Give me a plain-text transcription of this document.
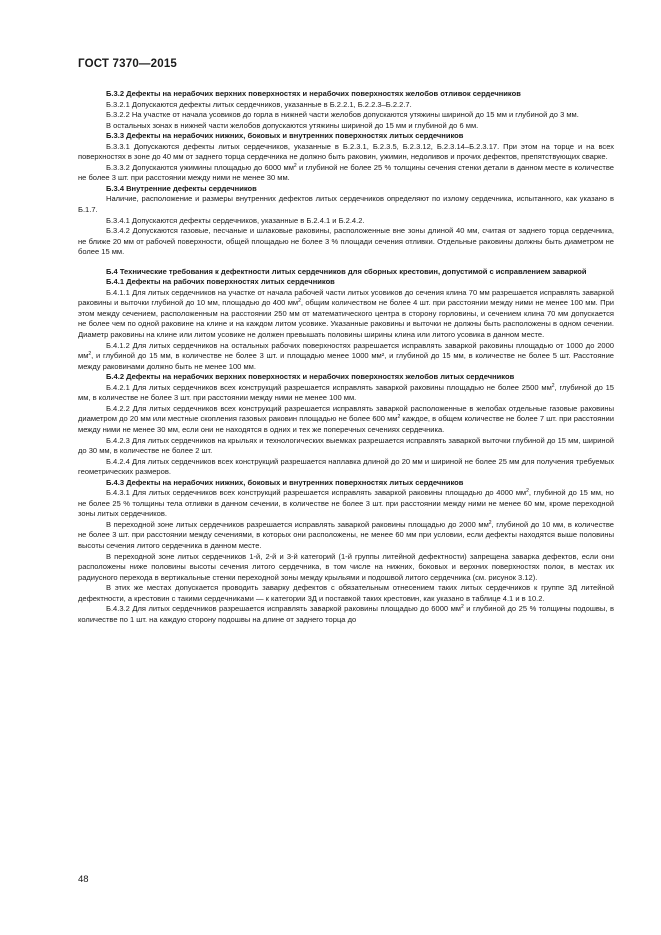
ГОСТ 7370—2015

Б.3.2 Дефекты на нерабочих верхних поверхностях и нерабочих поверхностях желобов отливок сердечников

Б.3.2.1 Допускаются дефекты литых сердечников, указанные в Б.2.2.1, Б.2.2.3–Б.2.2.7.

Б.3.2.2 На участке от начала усовиков до горла в нижней части желобов допускаются утяжины шириной до 15 мм и глубиной до 3 мм.

В остальных зонах в нижней части желобов допускаются утяжины шириной до 15 мм и глубиной до 6 мм.

Б.3.3 Дефекты на нерабочих нижних, боковых и внутренних поверхностях литых сердечников

Б.3.3.1 Допускаются дефекты литых сердечников, указанные в Б.2.3.1, Б.2.3.5, Б.2.3.12, Б.2.3.14–Б.2.3.17. При этом на торце и на всех поверхностях в зоне до 40 мм от заднего торца сердечника не должно быть раковин, ужимин, недоливов и прочих дефектов, препятствующих сварке.

Б.3.3.2 Допускаются ужимины площадью до 6000 $мм^2$ и глубиной не более 25 % толщины сечения стенки детали в данном месте в количестве не более 3 шт. при расстоянии между ними не менее 30 мм.

Б.3.4 Внутренние дефекты сердечников

Наличие, расположение и размеры внутренних дефектов литых сердечников определяют по излому сердечника, испытанного, как указано в Б.1.7.

Б.3.4.1 Допускаются дефекты сердечников, указанные в Б.2.4.1 и Б.2.4.2.

Б.3.4.2 Допускаются газовые, песчаные и шлаковые раковины, расположенные вне зоны длиной 40 мм, считая от заднего торца сердечника, не ближе 20 мм от рабочей поверхности, общей площадью не более 3 % площади сечения отливки. Отдельные раковины должны быть диаметром не более 15 мм.

Б.4 Технические требования к дефектности литых сердечников для сборных крестовин, допустимой с исправлением заваркой

Б.4.1 Дефекты на рабочих поверхностях литых сердечников

Б.4.1.1 Для литых сердечников на участке от начала рабочей части литых усовиков до сечения клина 70 мм разрешается исправлять заваркой раковины и выточки глубиной до 10 мм, площадью до 400 $мм^2$, общим количеством не более 4 шт. при расстоянии между ними не менее 100 мм. При этом между сечением, расположенным на расстоянии 250 мм от математического центра в сторону горловины, и сечением клина 70 мм допускается не более чем по одной раковине на клине и на каждом литом усовике. Указанные раковины и выточки не должны быть расположены в одном сечении. Диаметр раковины на клине или литом усовике не должен превышать половины ширины клина или литого усовика в данном месте.

Б.4.1.2 Для литых сердечников на остальных рабочих поверхностях разрешается исправлять заваркой раковины площадью от 1000 до 2000 $мм^2$, и глубиной до 15 мм, в количестве не более 3 шт. и площадью менее 1000 мм², и глубиной до 15 мм, в количестве не более 5 шт. Расстояние между раковинами должно быть не менее 100 мм.

Б.4.2 Дефекты на нерабочих верхних поверхностях и нерабочих поверхностях желобов литых сердечников

Б.4.2.1 Для литых сердечников всех конструкций разрешается исправлять заваркой раковины площадью не более 2500 $мм^2$, глубиной до 15 мм, в количестве не более 3 шт. при расстоянии между ними не менее 100 мм.

Б.4.2.2 Для литых сердечников всех конструкций разрешается исправлять заваркой расположенные в желобах отдельные газовые раковины диаметром до 20 мм или местные скопления газовых раковин площадью не более 600 $мм^2$ каждое, в общем количестве не более 7 шт. при расстоянии между ними не менее 30 мм, если они не находятся в одних и тех же поперечных сечениях сердечника.

Б.4.2.3 Для литых сердечников на крыльях и технологических выемках разрешается исправлять заваркой выточки глубиной до 15 мм, шириной до 30 мм, в количестве не более 2 шт.

Б.4.2.4 Для литых сердечников всех конструкций разрешается наплавка длиной до 20 мм и шириной не более 25 мм для получения требуемых геометрических размеров.

Б.4.3 Дефекты на нерабочих нижних, боковых и внутренних поверхностях литых сердечников

Б.4.3.1 Для литых сердечников всех конструкций разрешается исправлять заваркой раковины площадью до 4000 $мм^2$, глубиной до 15 мм, но не более 25 % толщины тела отливки в данном сечении, в количестве не более 3 шт. при расстоянии между ними не менее 60 мм, кроме переходной зоны литых сердечников.

В переходной зоне литых сердечников разрешается исправлять заваркой раковины площадью до 2000 $мм^2$, глубиной до 10 мм, в количестве не более 3 шт. при расстоянии между сечениями, в которых они расположены, не менее 60 мм при условии, если дефекты находятся выше половины высоты сечения литого сердечника в данном месте.

В переходной зоне литых сердечников 1-й, 2-й и 3-й категорий (1-й группы литейной дефектности) запрещена заварка дефектов, если они расположены ниже половины высоты сечения литого сердечника, в том числе на нижних, боковых и верхних поверхностях полок, в местах их радиусного перехода в вертикальные стенки переходной зоны между крыльями и подошвой литого сердечника (см. рисунок 3.12).

В этих же местах допускается проводить заварку дефектов с обязательным отнесением таких литых сердечников к группе 3Д литейной дефектности, а крестовин с такими сердечниками — к категории 3Д и поставкой таких крестовин, как указано в таблице 4.1 и в 10.2.

Б.4.3.2 Для литых сердечников разрешается исправлять заваркой раковины площадью до 6000 $мм^2$ и глубиной до 25 % толщины подошвы, в количестве по 1 шт. на каждую сторону подошвы на длине от заднего торца до

48
